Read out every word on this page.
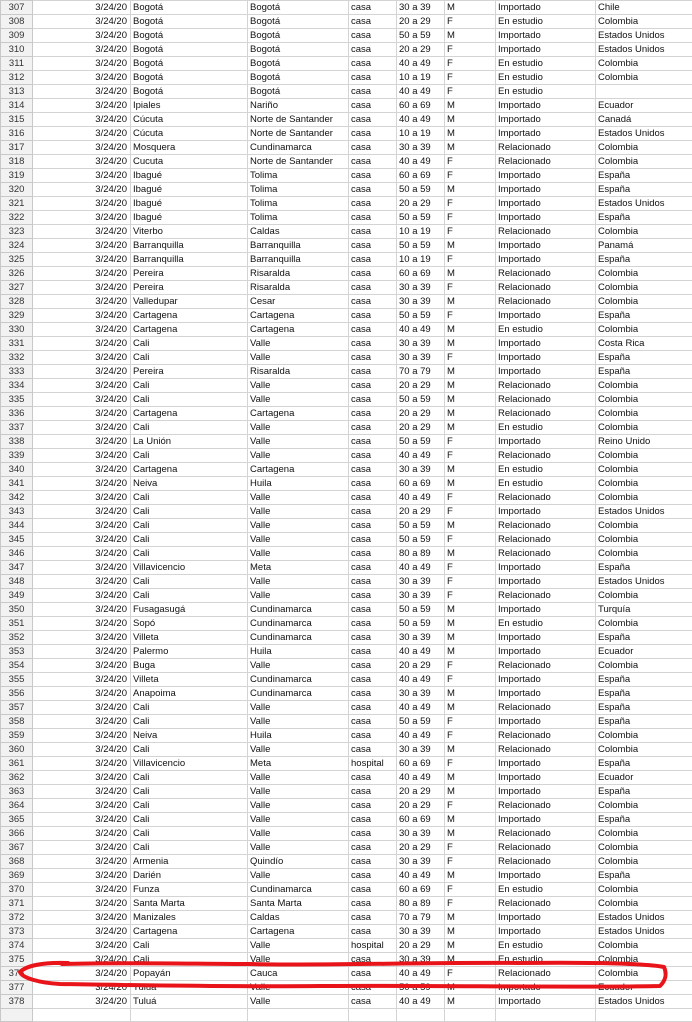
307	3/24/20	Bogotá	Bogotá	casa	30 a 39	M	Importado	Chile
308	3/24/20	Bogotá	Bogotá	casa	20 a 29	F	En estudio	Colombia
309	3/24/20	Bogotá	Bogotá	casa	50 a 59	M	Importado	Estados Unidos
310	3/24/20	Bogotá	Bogotá	casa	20 a 29	F	Importado	Estados Unidos
311	3/24/20	Bogotá	Bogotá	casa	40 a 49	F	En estudio	Colombia
312	3/24/20	Bogotá	Bogotá	casa	10 a 19	F	En estudio	Colombia
313	3/24/20	Bogotá	Bogotá	casa	40 a 49	F	En estudio	
314	3/24/20	Ipiales	Nariño	casa	60 a 69	M	Importado	Ecuador
315	3/24/20	Cúcuta	Norte de Santander	casa	40 a 49	M	Importado	Canadá
316	3/24/20	Cúcuta	Norte de Santander	casa	10 a 19	M	Importado	Estados Unidos
317	3/24/20	Mosquera	Cundinamarca	casa	30 a 39	M	Relacionado	Colombia
318	3/24/20	Cucuta	Norte de Santander	casa	40 a 49	F	Relacionado	Colombia
319	3/24/20	Ibagué	Tolima	casa	60 a 69	F	Importado	España
320	3/24/20	Ibagué	Tolima	casa	50 a 59	M	Importado	España
321	3/24/20	Ibagué	Tolima	casa	20 a 29	F	Importado	Estados Unidos
322	3/24/20	Ibagué	Tolima	casa	50 a 59	F	Importado	España
323	3/24/20	Viterbo	Caldas	casa	10 a 19	F	Relacionado	Colombia
324	3/24/20	Barranquilla	Barranquilla	casa	50 a 59	M	Importado	Panamá
325	3/24/20	Barranquilla	Barranquilla	casa	10 a 19	F	Importado	España
326	3/24/20	Pereira	Risaralda	casa	60 a 69	M	Relacionado	Colombia
327	3/24/20	Pereira	Risaralda	casa	30 a 39	F	Relacionado	Colombia
328	3/24/20	Valledupar	Cesar	casa	30 a 39	M	Relacionado	Colombia
329	3/24/20	Cartagena	Cartagena	casa	50 a 59	F	Importado	España
330	3/24/20	Cartagena	Cartagena	casa	40 a 49	M	En estudio	Colombia
331	3/24/20	Cali	Valle	casa	30 a 39	M	Importado	Costa Rica
332	3/24/20	Cali	Valle	casa	30 a 39	F	Importado	España
333	3/24/20	Pereira	Risaralda	casa	70 a 79	M	Importado	España
334	3/24/20	Cali	Valle	casa	20 a 29	M	Relacionado	Colombia
335	3/24/20	Cali	Valle	casa	50 a 59	M	Relacionado	Colombia
336	3/24/20	Cartagena	Cartagena	casa	20 a 29	M	Relacionado	Colombia
337	3/24/20	Cali	Valle	casa	20 a 29	M	En estudio	Colombia
338	3/24/20	La Unión	Valle	casa	50 a 59	F	Importado	Reino Unido
339	3/24/20	Cali	Valle	casa	40 a 49	F	Relacionado	Colombia
340	3/24/20	Cartagena	Cartagena	casa	30 a 39	M	En estudio	Colombia
341	3/24/20	Neiva	Huila	casa	60 a 69	M	En estudio	Colombia
342	3/24/20	Cali	Valle	casa	40 a 49	F	Relacionado	Colombia
343	3/24/20	Cali	Valle	casa	20 a 29	F	Importado	Estados Unidos
344	3/24/20	Cali	Valle	casa	50 a 59	M	Relacionado	Colombia
345	3/24/20	Cali	Valle	casa	50 a 59	F	Relacionado	Colombia
346	3/24/20	Cali	Valle	casa	80 a 89	M	Relacionado	Colombia
347	3/24/20	Villavicencio	Meta	casa	40 a 49	F	Importado	España
348	3/24/20	Cali	Valle	casa	30 a 39	F	Importado	Estados Unidos
349	3/24/20	Cali	Valle	casa	30 a 39	F	Relacionado	Colombia
350	3/24/20	Fusagasugá	Cundinamarca	casa	50 a 59	M	Importado	Turquía
351	3/24/20	Sopó	Cundinamarca	casa	50 a 59	M	En estudio	Colombia
352	3/24/20	Villeta	Cundinamarca	casa	30 a 39	M	Importado	España
353	3/24/20	Palermo	Huila	casa	40 a 49	M	Importado	Ecuador
354	3/24/20	Buga	Valle	casa	20 a 29	F	Relacionado	Colombia
355	3/24/20	Villeta	Cundinamarca	casa	40 a 49	F	Importado	España
356	3/24/20	Anapoima	Cundinamarca	casa	30 a 39	M	Importado	España
357	3/24/20	Cali	Valle	casa	40 a 49	M	Relacionado	España
358	3/24/20	Cali	Valle	casa	50 a 59	F	Importado	España
359	3/24/20	Neiva	Huila	casa	40 a 49	F	Relacionado	Colombia
360	3/24/20	Cali	Valle	casa	30 a 39	M	Relacionado	Colombia
361	3/24/20	Villavicencio	Meta	hospital	60 a 69	F	Importado	España
362	3/24/20	Cali	Valle	casa	40 a 49	M	Importado	Ecuador
363	3/24/20	Cali	Valle	casa	20 a 29	M	Importado	España
364	3/24/20	Cali	Valle	casa	20 a 29	F	Relacionado	Colombia
365	3/24/20	Cali	Valle	casa	60 a 69	M	Importado	España
366	3/24/20	Cali	Valle	casa	30 a 39	M	Relacionado	Colombia
367	3/24/20	Cali	Valle	casa	20 a 29	F	Relacionado	Colombia
368	3/24/20	Armenia	Quindío	casa	30 a 39	F	Relacionado	Colombia
369	3/24/20	Darién	Valle	casa	40 a 49	M	Importado	España
370	3/24/20	Funza	Cundinamarca	casa	60 a 69	F	En estudio	Colombia
371	3/24/20	Santa Marta	Santa Marta	casa	80 a 89	F	Relacionado	Colombia
372	3/24/20	Manizales	Caldas	casa	70 a 79	M	Importado	Estados Unidos
373	3/24/20	Cartagena	Cartagena	casa	30 a 39	M	Importado	Estados Unidos
374	3/24/20	Cali	Valle	hospital	20 a 29	M	En estudio	Colombia
375	3/24/20	Cali	Valle	casa	30 a 39	M	En estudio	Colombia
376	3/24/20	Popayán	Cauca	casa	40 a 49	F	Relacionado	Colombia
377	3/24/20	Tuluá	Valle	casa	50 a 59	M	Importado	Ecuador
378	3/24/20	Tuluá	Valle	casa	40 a 49	M	Importado	Estados Unidos
